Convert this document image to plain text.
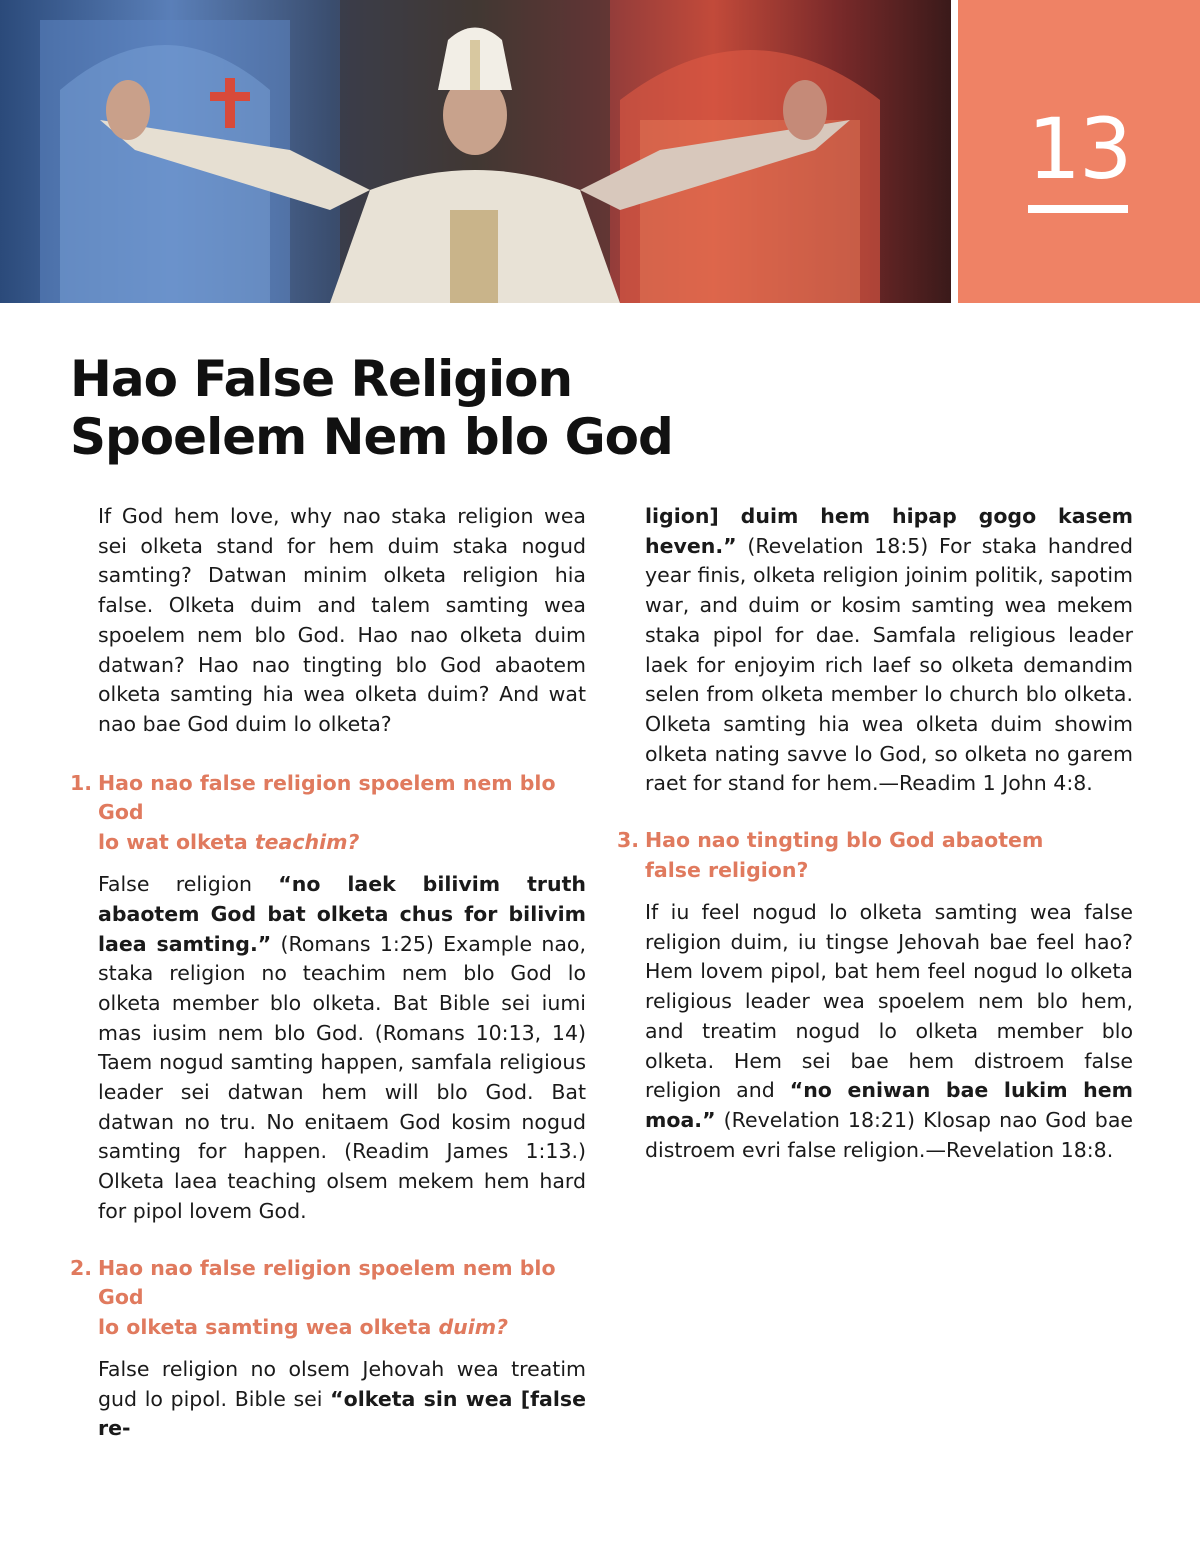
13
Hao False Religion
Spoelem Nem blo God

If God hem love, why nao staka religion wea sei olketa stand for hem duim staka nogud samting? Datwan minim olketa religion hia false. Olketa duim and talem samting wea spoelem nem blo God. Hao nao olketa duim datwan? Hao nao tingting blo God abaotem olketa samting hia wea olketa duim? And wat nao bae God duim lo olketa?

1. Hao nao false religion spoelem nem blo God
lo wat olketa teachim?

False religion “no laek bilivim truth abaotem God bat olketa chus for bilivim laea samting.” (Romans 1:25) Example nao, staka religion no teachim nem blo God lo olketa member blo olketa. Bat Bible sei iumi mas iusim nem blo God. (Romans 10:13, 14) Taem nogud samting happen, samfala religious leader sei datwan hem will blo God. Bat datwan no tru. No enitaem God kosim nogud samting for happen. (Readim James 1:13.) Olketa laea teaching olsem mekem hem hard for pipol lovem God.

2. Hao nao false religion spoelem nem blo God
lo olketa samting wea olketa duim?

False religion no olsem Jehovah wea treatim gud lo pipol. Bible sei “olketa sin wea [false re-

ligion] duim hem hipap gogo kasem heven.” (Revelation 18:5) For staka handred year finis, olketa religion joinim politik, sapotim war, and duim or kosim samting wea mekem staka pipol for dae. Samfala religious leader laek for enjoyim rich laef so olketa demandim selen from olketa member lo church blo olketa. Olketa samting hia wea olketa duim showim olketa nating savve lo God, so olketa no garem raet for stand for hem.—Readim 1 John 4:8.

3. Hao nao tingting blo God abaotem
false religion?

If iu feel nogud lo olketa samting wea false religion duim, iu tingse Jehovah bae feel hao? Hem lovem pipol, bat hem feel nogud lo olketa religious leader wea spoelem nem blo hem, and treatim nogud lo olketa member blo olketa. Hem sei bae hem distroem false religion and “no eniwan bae lukim hem moa.” (Revelation 18:21) Klosap nao God bae distroem evri false religion.—Revelation 18:8.
